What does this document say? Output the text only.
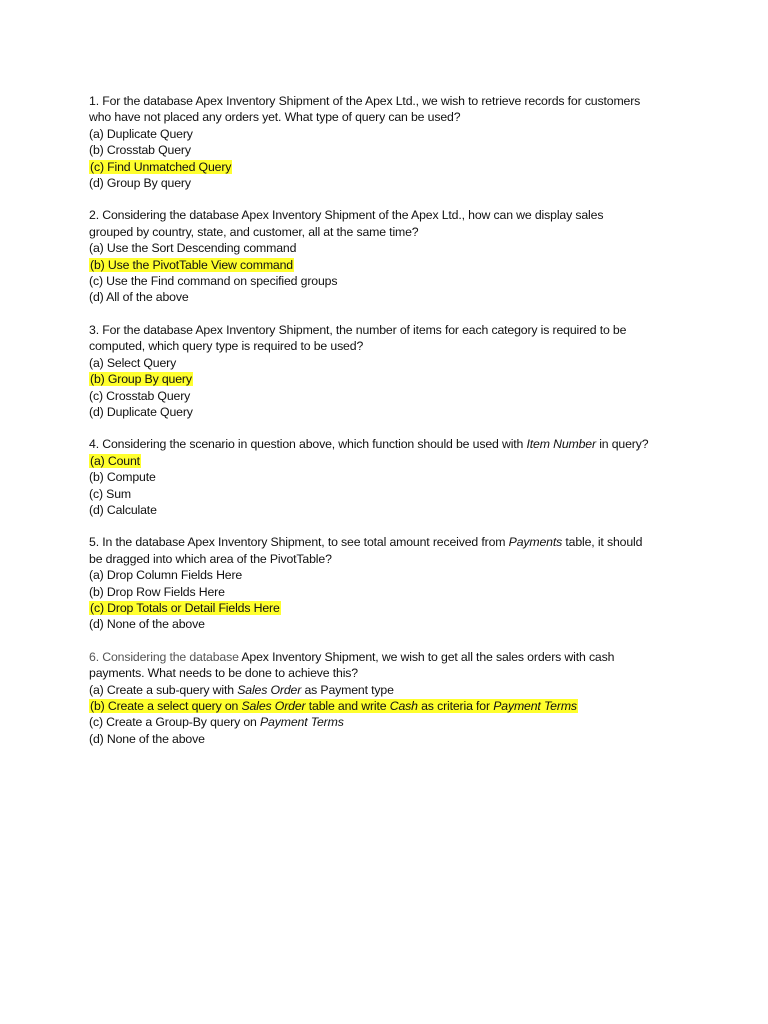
1. For the database Apex Inventory Shipment of the Apex Ltd., we wish to retrieve records for customers who have not placed any orders yet. What type of query can be used?
(a) Duplicate Query
(b) Crosstab Query
(c) Find Unmatched Query
(d) Group By query
2. Considering the database Apex Inventory Shipment of the Apex Ltd., how can we display sales grouped by country, state, and customer, all at the same time?
(a) Use the Sort Descending command
(b) Use the PivotTable View command
(c) Use the Find command on specified groups
(d) All of the above
3. For the database Apex Inventory Shipment, the number of items for each category is required to be computed, which query type is required to be used?
(a) Select Query
(b) Group By query
(c) Crosstab Query
(d) Duplicate Query
4. Considering the scenario in question above, which function should be used with Item Number in query?
(a) Count
(b) Compute
(c) Sum
(d) Calculate
5. In the database Apex Inventory Shipment, to see total amount received from Payments table, it should be dragged into which area of the PivotTable?
(a) Drop Column Fields Here
(b) Drop Row Fields Here
(c) Drop Totals or Detail Fields Here
(d) None of the above
6. Considering the database Apex Inventory Shipment, we wish to get all the sales orders with cash payments. What needs to be done to achieve this?
(a) Create a sub-query with Sales Order as Payment type
(b) Create a select query on Sales Order table and write Cash as criteria for Payment Terms
(c) Create a Group-By query on Payment Terms
(d) None of the above
